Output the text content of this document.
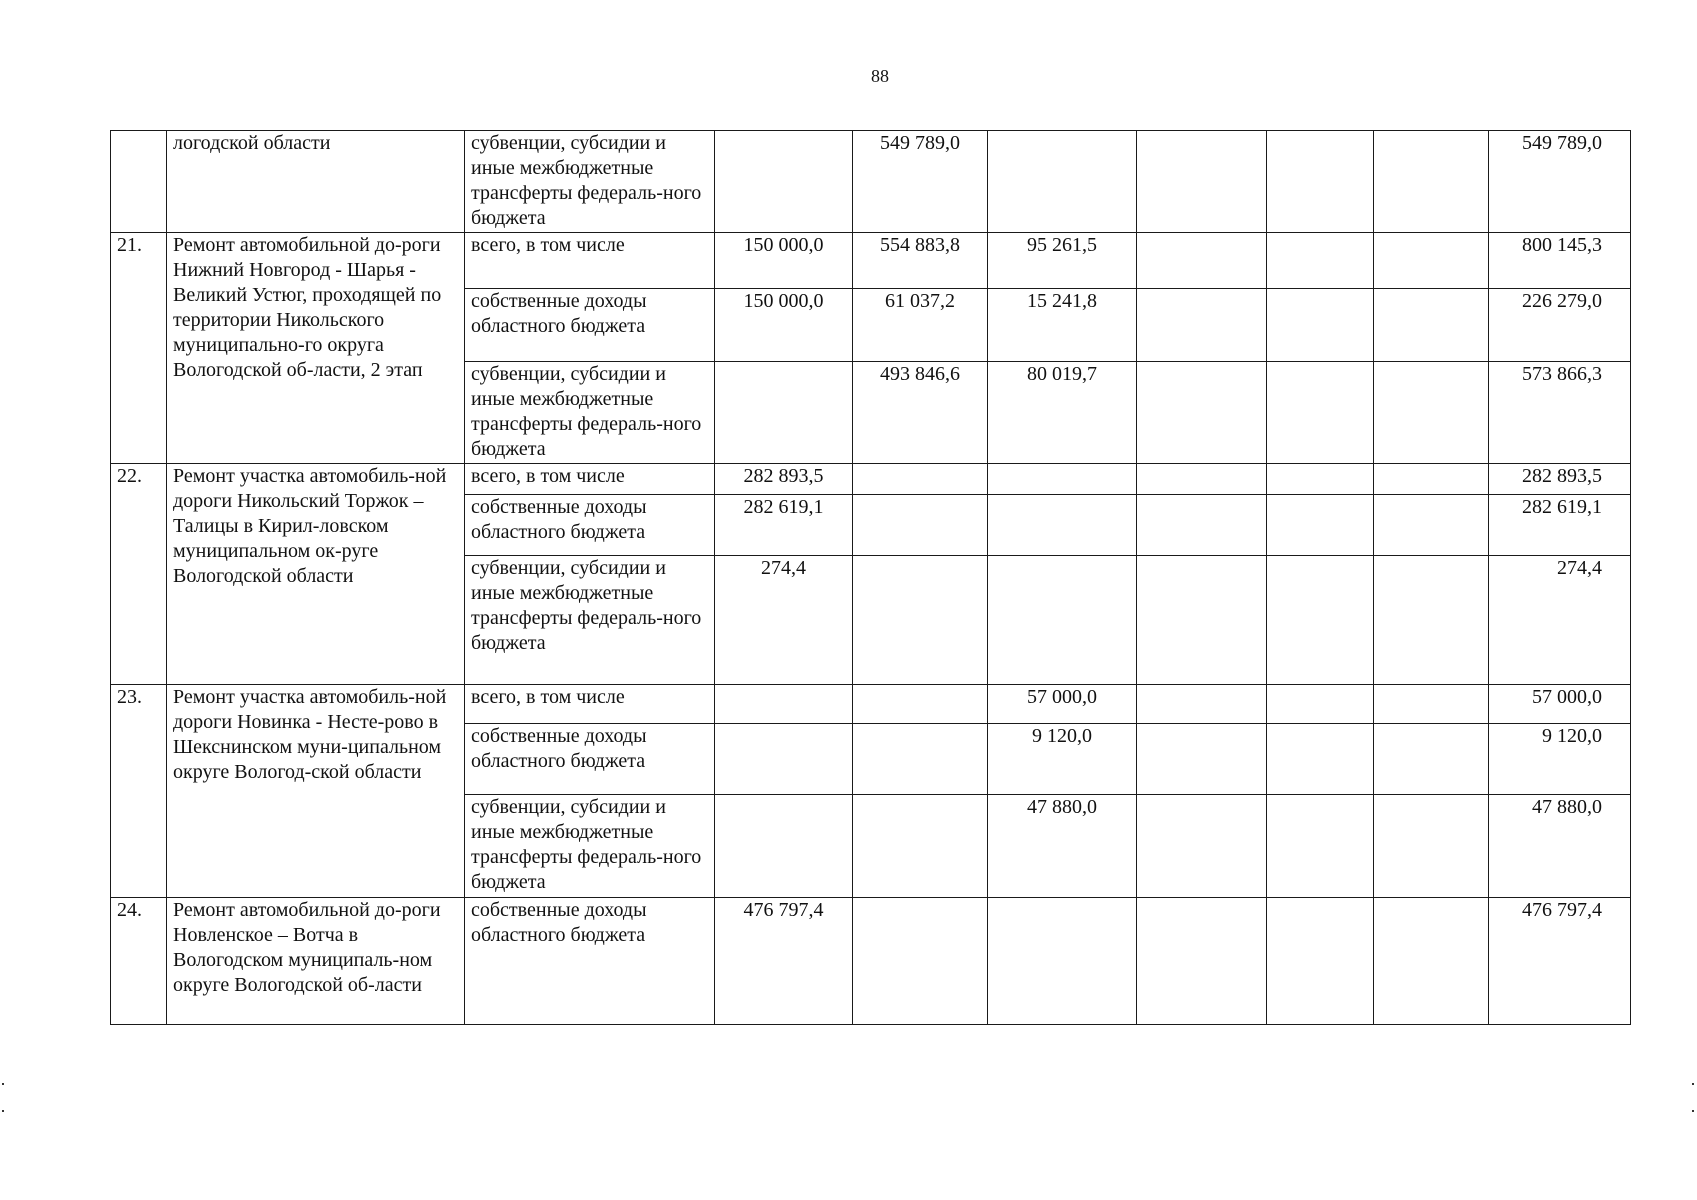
88
	логодской области	субвенции, субсидии и иные межбюджетные трансферты федераль-ного бюджета		549 789,0					549 789,0
21.	Ремонт автомобильной до-роги Нижний Новгород - Шарья - Великий Устюг, проходящей по территории Никольского муниципально-го округа Вологодской об-ласти, 2 этап	всего, в том числе	150 000,0	554 883,8	95 261,5				800 145,3
		собственные доходы областного бюджета	150 000,0	61 037,2	15 241,8				226 279,0
		субвенции, субсидии и иные межбюджетные трансферты федераль-ного бюджета		493 846,6	80 019,7				573 866,3
22.	Ремонт участка автомобиль-ной дороги Никольский Торжок – Талицы в Кирил-ловском муниципальном ок-руге Вологодской области	всего, в том числе	282 893,5						282 893,5
		собственные доходы областного бюджета	282 619,1						282 619,1
		субвенции, субсидии и иные межбюджетные трансферты федераль-ного бюджета	274,4						274,4
23.	Ремонт участка автомобиль-ной дороги Новинка - Несте-рово в Шекснинском муни-ципальном округе Вологод-ской области	всего, в том числе			57 000,0				57 000,0
		собственные доходы областного бюджета			9 120,0				9 120,0
		субвенции, субсидии и иные межбюджетные трансферты федераль-ного бюджета			47 880,0				47 880,0
24.	Ремонт автомобильной до-роги Новленское – Вотча в Вологодском муниципаль-ном округе Вологодской об-ласти	собственные доходы областного бюджета	476 797,4						476 797,4
